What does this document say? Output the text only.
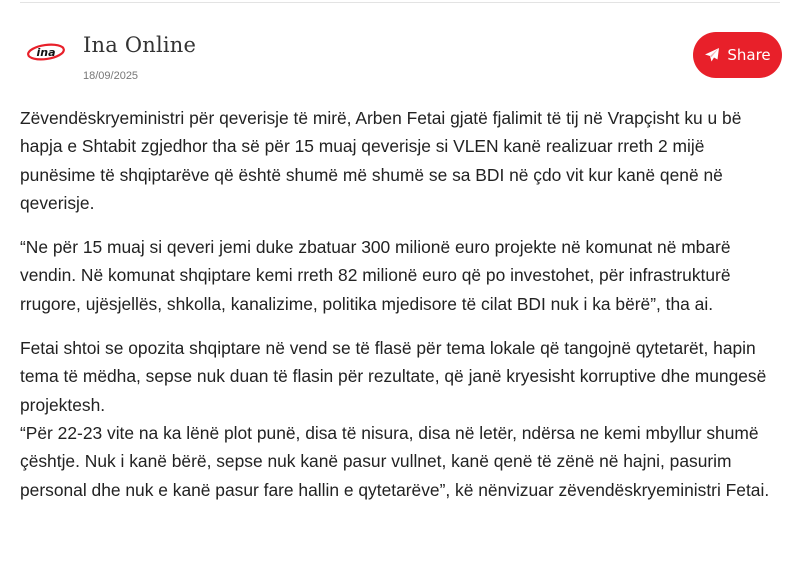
ina Ina Online
18/09/2025
Share

Zëvendëskryeministri për qeverisje të mirë, Arben Fetai gjatë fjalimit të tij në Vrapçisht ku u bë hapja e Shtabit zgjedhor tha së për 15 muaj qeverisje si VLEN kanë realizuar rreth 2 mijë punësime të shqiptarëve që është shumë më shumë se sa BDI në çdo vit kur kanë qenë në qeverisje.

“Ne për 15 muaj si qeveri jemi duke zbatuar 300 milionë euro projekte në komunat në mbarë vendin. Në komunat shqiptare kemi rreth 82 milionë euro që po investohet, për infrastrukturë rrugore, ujësjellës, shkolla, kanalizime, politika mjedisore të cilat BDI nuk i ka bërë”, tha ai.

Fetai shtoi se opozita shqiptare në vend se të flasë për tema lokale që tangojnë qytetarët, hapin tema të mëdha, sepse nuk duan të flasin për rezultate, që janë kryesisht korruptive dhe mungesë projektesh.

“Për 22-23 vite na ka lënë plot punë, disa të nisura, disa në letër, ndërsa ne kemi mbyllur shumë çështje. Nuk i kanë bërë, sepse nuk kanë pasur vullnet, kanë qenë të zënë në hajni, pasurim personal dhe nuk e kanë pasur fare hallin e qytetarëve”, kë nënvizuar zëvendëskryeministri Fetai.
